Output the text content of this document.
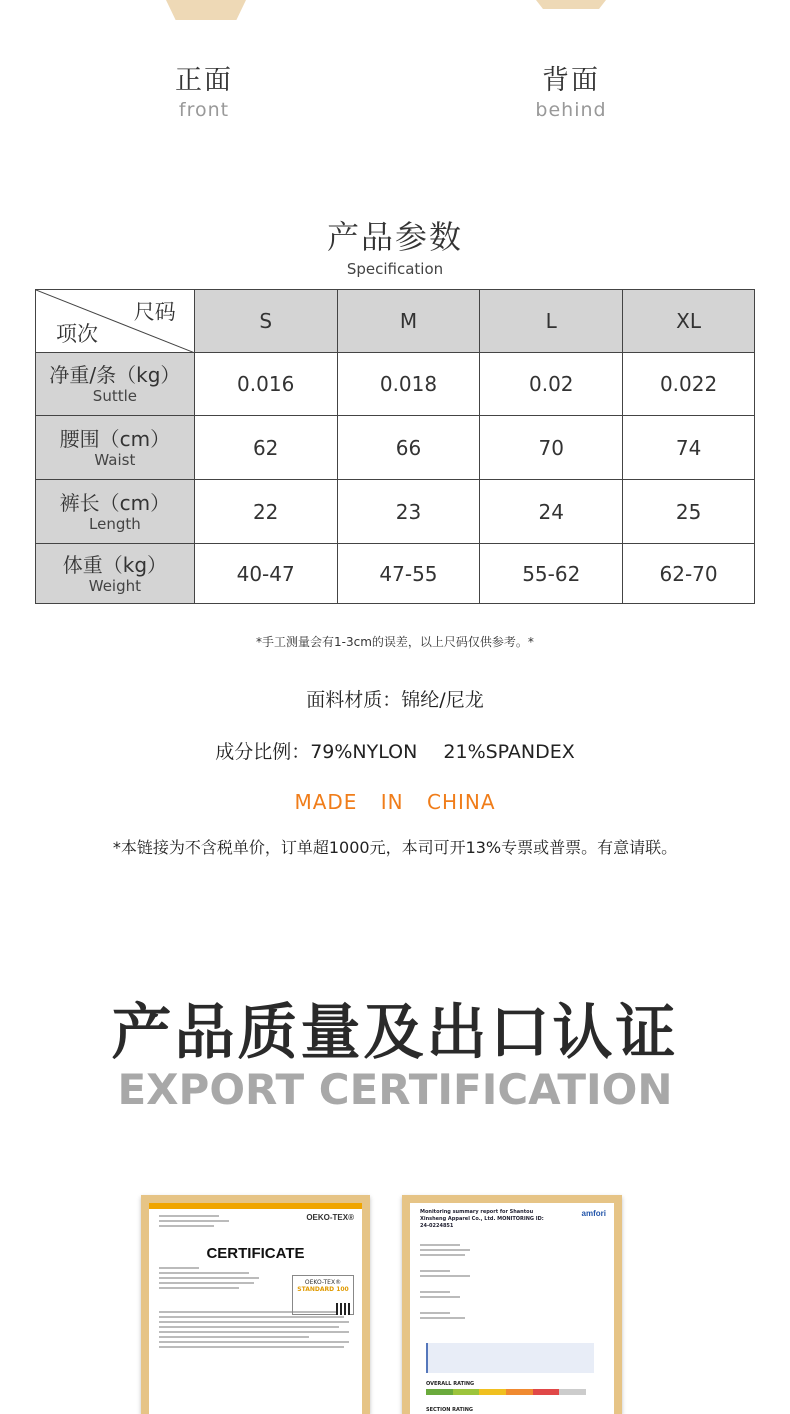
正面
front
背面
behind
产品参数
Specification
尺码
项次	S	M	L	XL

净重/条（kg）
Suttle	0.016	0.018	0.02	0.022

腰围（cm）
Waist	62	66	70	74

裤长（cm）
Length	22	23	24	25

体重（kg）
Weight	40-47	47-55	55-62	62-70
*手工测量会有1-3cm的误差，以上尺码仅供参考。*
面料材质：锦纶/尼龙
成分比例：79%NYLON 21%SPANDEX
MADE IN CHINA
*本链接为不含税单价，订单超1000元，本司可开13%专票或普票。有意请联。
产品质量及出口认证
EXPORT CERTIFICATION
OEKO-TEX®
CERTIFICATE
OEKO-TEX®
STANDARD 100
Monitoring summary report for Shantou Xinsheng Apparel Co., Ltd. MONITORING ID: 24-0224851
amfori
OVERALL RATING
SECTION RATING
